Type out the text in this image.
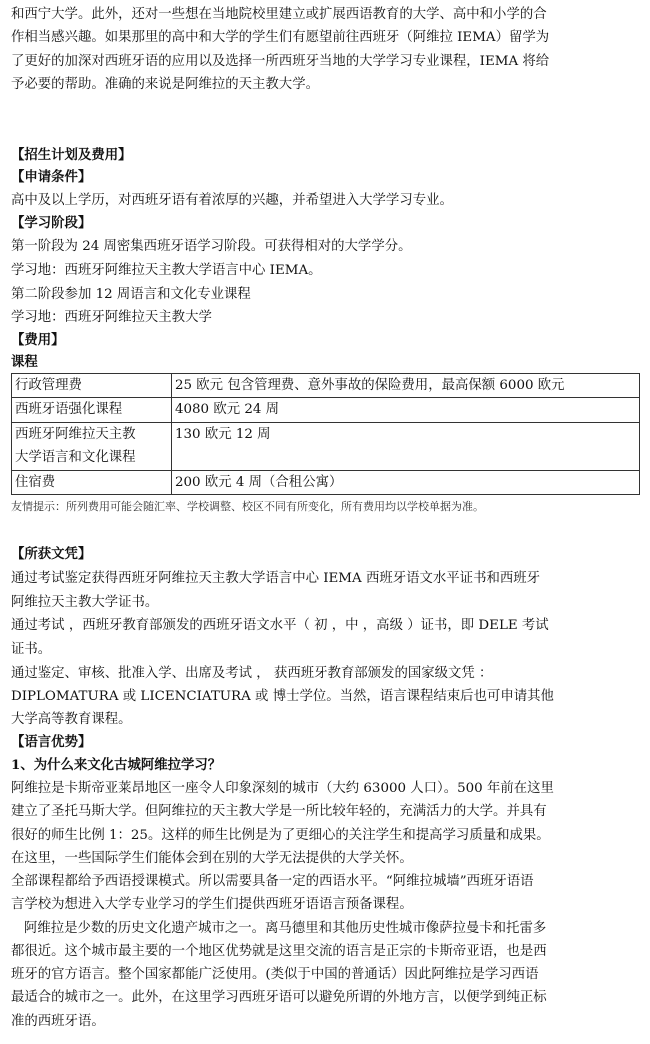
和西宁大学。此外，还对一些想在当地院校里建立或扩展西语教育的大学、高中和小学的合
作相当感兴趣。如果那里的高中和大学的学生们有愿望前往西班牙（阿维拉 IEMA）留学为
了更好的加深对西班牙语的应用以及选择一所西班牙当地的大学学习专业课程，IEMA 将给
予必要的帮助。准确的来说是阿维拉的天主教大学。
【招生计划及费用】
【申请条件】
高中及以上学历，对西班牙语有着浓厚的兴趣，并希望进入大学学习专业。
【学习阶段】
第一阶段为 24 周密集西班牙语学习阶段。可获得相对的大学学分。
学习地：西班牙阿维拉天主教大学语言中心 IEMA。
第二阶段参加 12 周语言和文化专业课程
学习地：西班牙阿维拉天主教大学
【费用】
课程
行政管理费	25 欧元 包含管理费、意外事故的保险费用，最高保额 6000 欧元

西班牙语强化课程	4080 欧元 24 周

西班牙阿维拉天主教
大学语言和文化课程	130 欧元 12 周

住宿费	200 欧元 4 周（合租公寓）
友情提示：所列费用可能会随汇率、学校调整、校区不同有所变化，所有费用均以学校单据为准。
【所获文凭】
通过考试鉴定获得西班牙阿维拉天主教大学语言中心 IEMA 西班牙语文水平证书和西班牙
阿维拉天主教大学证书。
通过考试 ，西班牙教育部颁发的西班牙语文水平（ 初 ，中 ，高级 ）证书，即 DELE 考试
证书。
通过鉴定、审核、批准入学、出席及考试 ， 获西班牙教育部颁发的国家级文凭 ：
DIPLOMATURA 或 LICENCIATURA 或 博士学位。当然，语言课程结束后也可申请其他
大学高等教育课程。
【语言优势】
1、为什么来文化古城阿维拉学习？
阿维拉是卡斯帝亚莱昂地区一座令人印象深刻的城市（大约 63000 人口）。500 年前在这里
建立了圣托马斯大学。但阿维拉的天主教大学是一所比较年轻的，充满活力的大学。并具有
很好的师生比例 1：25。这样的师生比例是为了更细心的关注学生和提高学习质量和成果。
在这里，一些国际学生们能体会到在别的大学无法提供的大学关怀。
全部课程都给予西语授课模式。所以需要具备一定的西语水平。“阿维拉城墙”西班牙语语
言学校为想进入大学专业学习的学生们提供西班牙语语言预备课程。
阿维拉是少数的历史文化遗产城市之一。离马德里和其他历史性城市像萨拉曼卡和托雷多
都很近。这个城市最主要的一个地区优势就是这里交流的语言是正宗的卡斯帝亚语，也是西
班牙的官方语言。整个国家都能广泛使用。(类似于中国的普通话）因此阿维拉是学习西语
最适合的城市之一。此外，在这里学习西班牙语可以避免所谓的外地方言，以便学到纯正标
准的西班牙语。
